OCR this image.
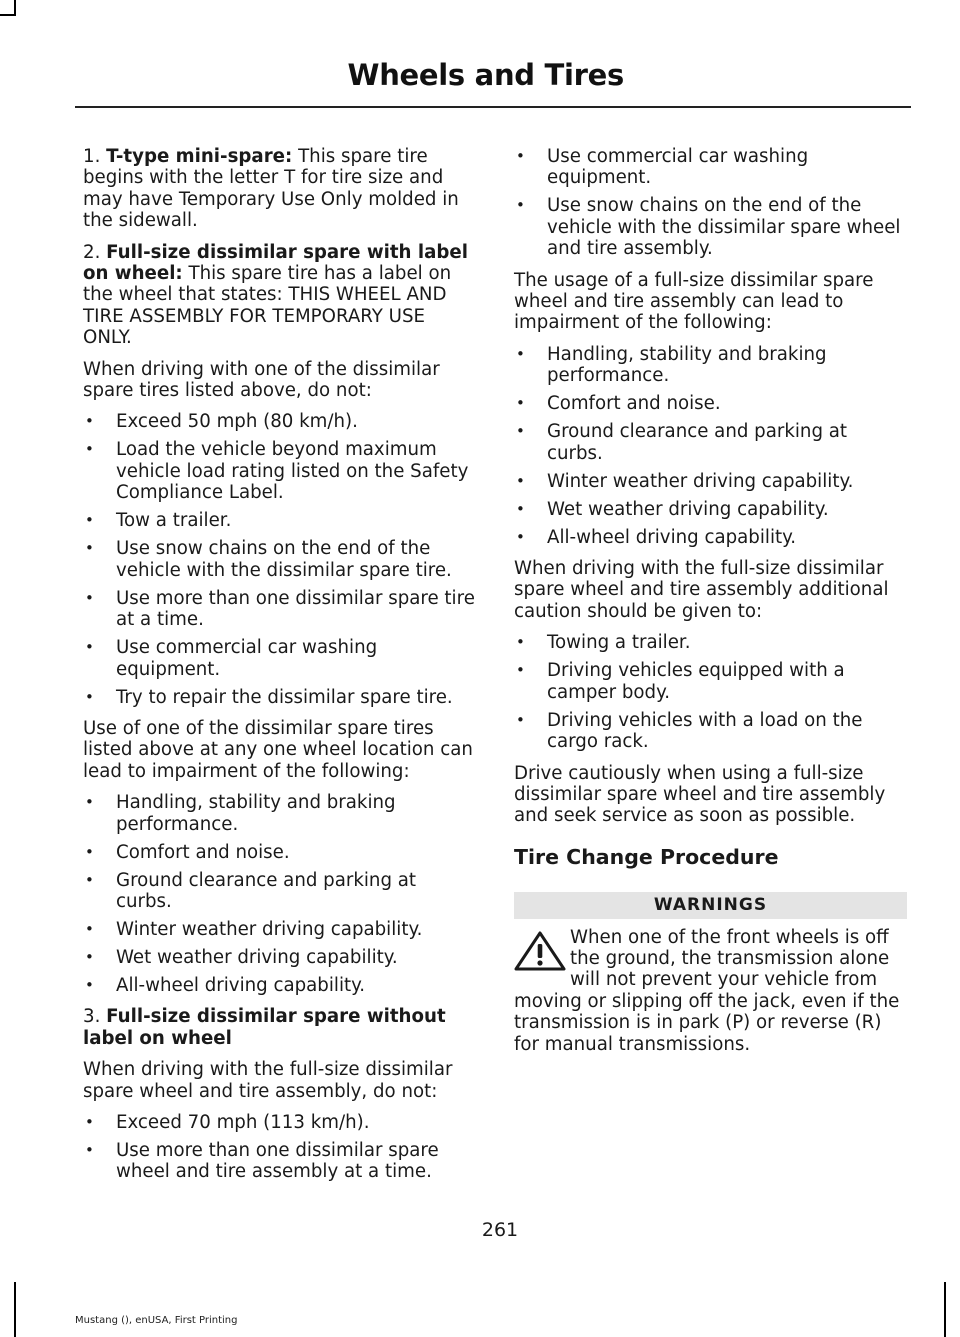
Wheels and Tires

1. T-type mini-spare: This spare tire begins with the letter T for tire size and may have Temporary Use Only molded in the sidewall.

2. Full-size dissimilar spare with label on wheel: This spare tire has a label on the wheel that states: THIS WHEEL AND TIRE ASSEMBLY FOR TEMPORARY USE ONLY.

When driving with one of the dissimilar spare tires listed above, do not:

• Exceed 50 mph (80 km/h).
• Load the vehicle beyond maximum vehicle load rating listed on the Safety Compliance Label.
• Tow a trailer.
• Use snow chains on the end of the vehicle with the dissimilar spare tire.
• Use more than one dissimilar spare tire at a time.
• Use commercial car washing equipment.
• Try to repair the dissimilar spare tire.

Use of one of the dissimilar spare tires listed above at any one wheel location can lead to impairment of the following:

• Handling, stability and braking performance.
• Comfort and noise.
• Ground clearance and parking at curbs.
• Winter weather driving capability.
• Wet weather driving capability.
• All-wheel driving capability.

3. Full-size dissimilar spare without label on wheel

When driving with the full-size dissimilar spare wheel and tire assembly, do not:

• Exceed 70 mph (113 km/h).
• Use more than one dissimilar spare wheel and tire assembly at a time.
• Use commercial car washing equipment.
• Use snow chains on the end of the vehicle with the dissimilar spare wheel and tire assembly.

The usage of a full-size dissimilar spare wheel and tire assembly can lead to impairment of the following:

• Handling, stability and braking performance.
• Comfort and noise.
• Ground clearance and parking at curbs.
• Winter weather driving capability.
• Wet weather driving capability.
• All-wheel driving capability.

When driving with the full-size dissimilar spare wheel and tire assembly additional caution should be given to:

• Towing a trailer.
• Driving vehicles equipped with a camper body.
• Driving vehicles with a load on the cargo rack.

Drive cautiously when using a full-size dissimilar spare wheel and tire assembly and seek service as soon as possible.

Tire Change Procedure
WARNINGS
When one of the front wheels is off the ground, the transmission alone will not prevent your vehicle from moving or slipping off the jack, even if the transmission is in park (P) or reverse (R) for manual transmissions.
261
Mustang (), enUSA, First Printing
